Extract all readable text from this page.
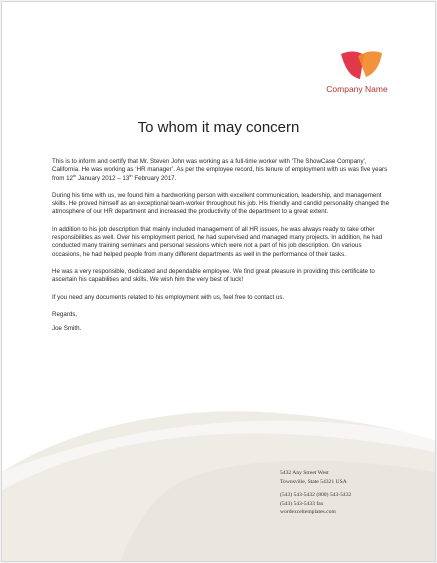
Company Name
To whom it may concern

This is to inform and certify that Mr. Steven John was working as a full-time worker with ‘The ShowCase Company’, California. He was working as ‘HR manager’. As per the employee record, his tenure of employment with us was five years from 12th January 2012 – 13th February 2017.

During his time with us, we found him a hardworking person with excellent communication, leadership, and management skills. He proved himself as an exceptional team-worker throughout his job. His friendly and candid personality changed the atmosphere of our HR department and increased the productivity of the department to a great extent.

In addition to his job description that mainly included management of all HR issues, he was always ready to take other responsibilities as well. Over his employment period, he had supervised and managed many projects. In addition, he had conducted many training seminars and personal sessions which were not a part of his job description. On various occasions, he had helped people from many different departments as well in the performance of their tasks.

He was a very responsible, dedicated and dependable employee. We find great pleasure in providing this certificate to ascertain his capabilities and skills. We wish him the very best of luck!

If you need any documents related to his employment with us, feel free to contact us.

Regards,

Joe Smith.

5432 Any Street West
Townsville, State 54321 USA
(543) 543-5432 (800) 543-5432
(543) 543-5433 fax
wordexceltemplates.com
